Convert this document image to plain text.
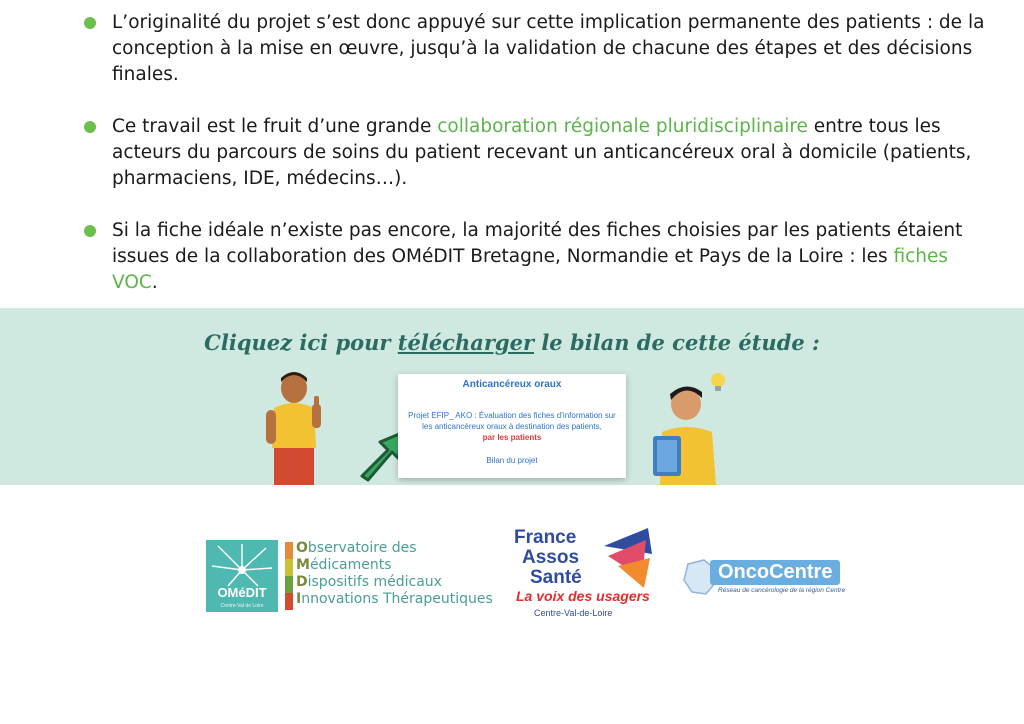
L’originalité du projet s’est donc appuyé sur cette implication permanente des patients : de la conception à la mise en œuvre, jusqu’à la validation de chacune des étapes et des décisions finales.
Ce travail est le fruit d’une grande collaboration régionale pluridisciplinaire entre tous les acteurs du parcours de soins du patient recevant un anticancéreux oral à domicile (patients, pharmaciens, IDE, médecins…).
Si la fiche idéale n’existe pas encore, la majorité des fiches choisies par les patients étaient issues de la collaboration des OMéDIT Bretagne, Normandie et Pays de la Loire : les fiches VOC.
Cliquez ici pour télécharger le bilan de cette étude :
Anticancéreux oraux
Projet EFIP_ AKO : Évaluation des fiches d’information sur les anticancéreux oraux à destination des patients,
par les patients
Bilan du projet
OMéDIT
Centre-Val de Loire
Observatoire des
Médicaments
Dispositifs médicaux
Innovations Thérapeutiques
France
Assos
Santé
La voix des usagers
Centre-Val-de-Loire
OncoCentre
Réseau de cancérologie de la région Centre
